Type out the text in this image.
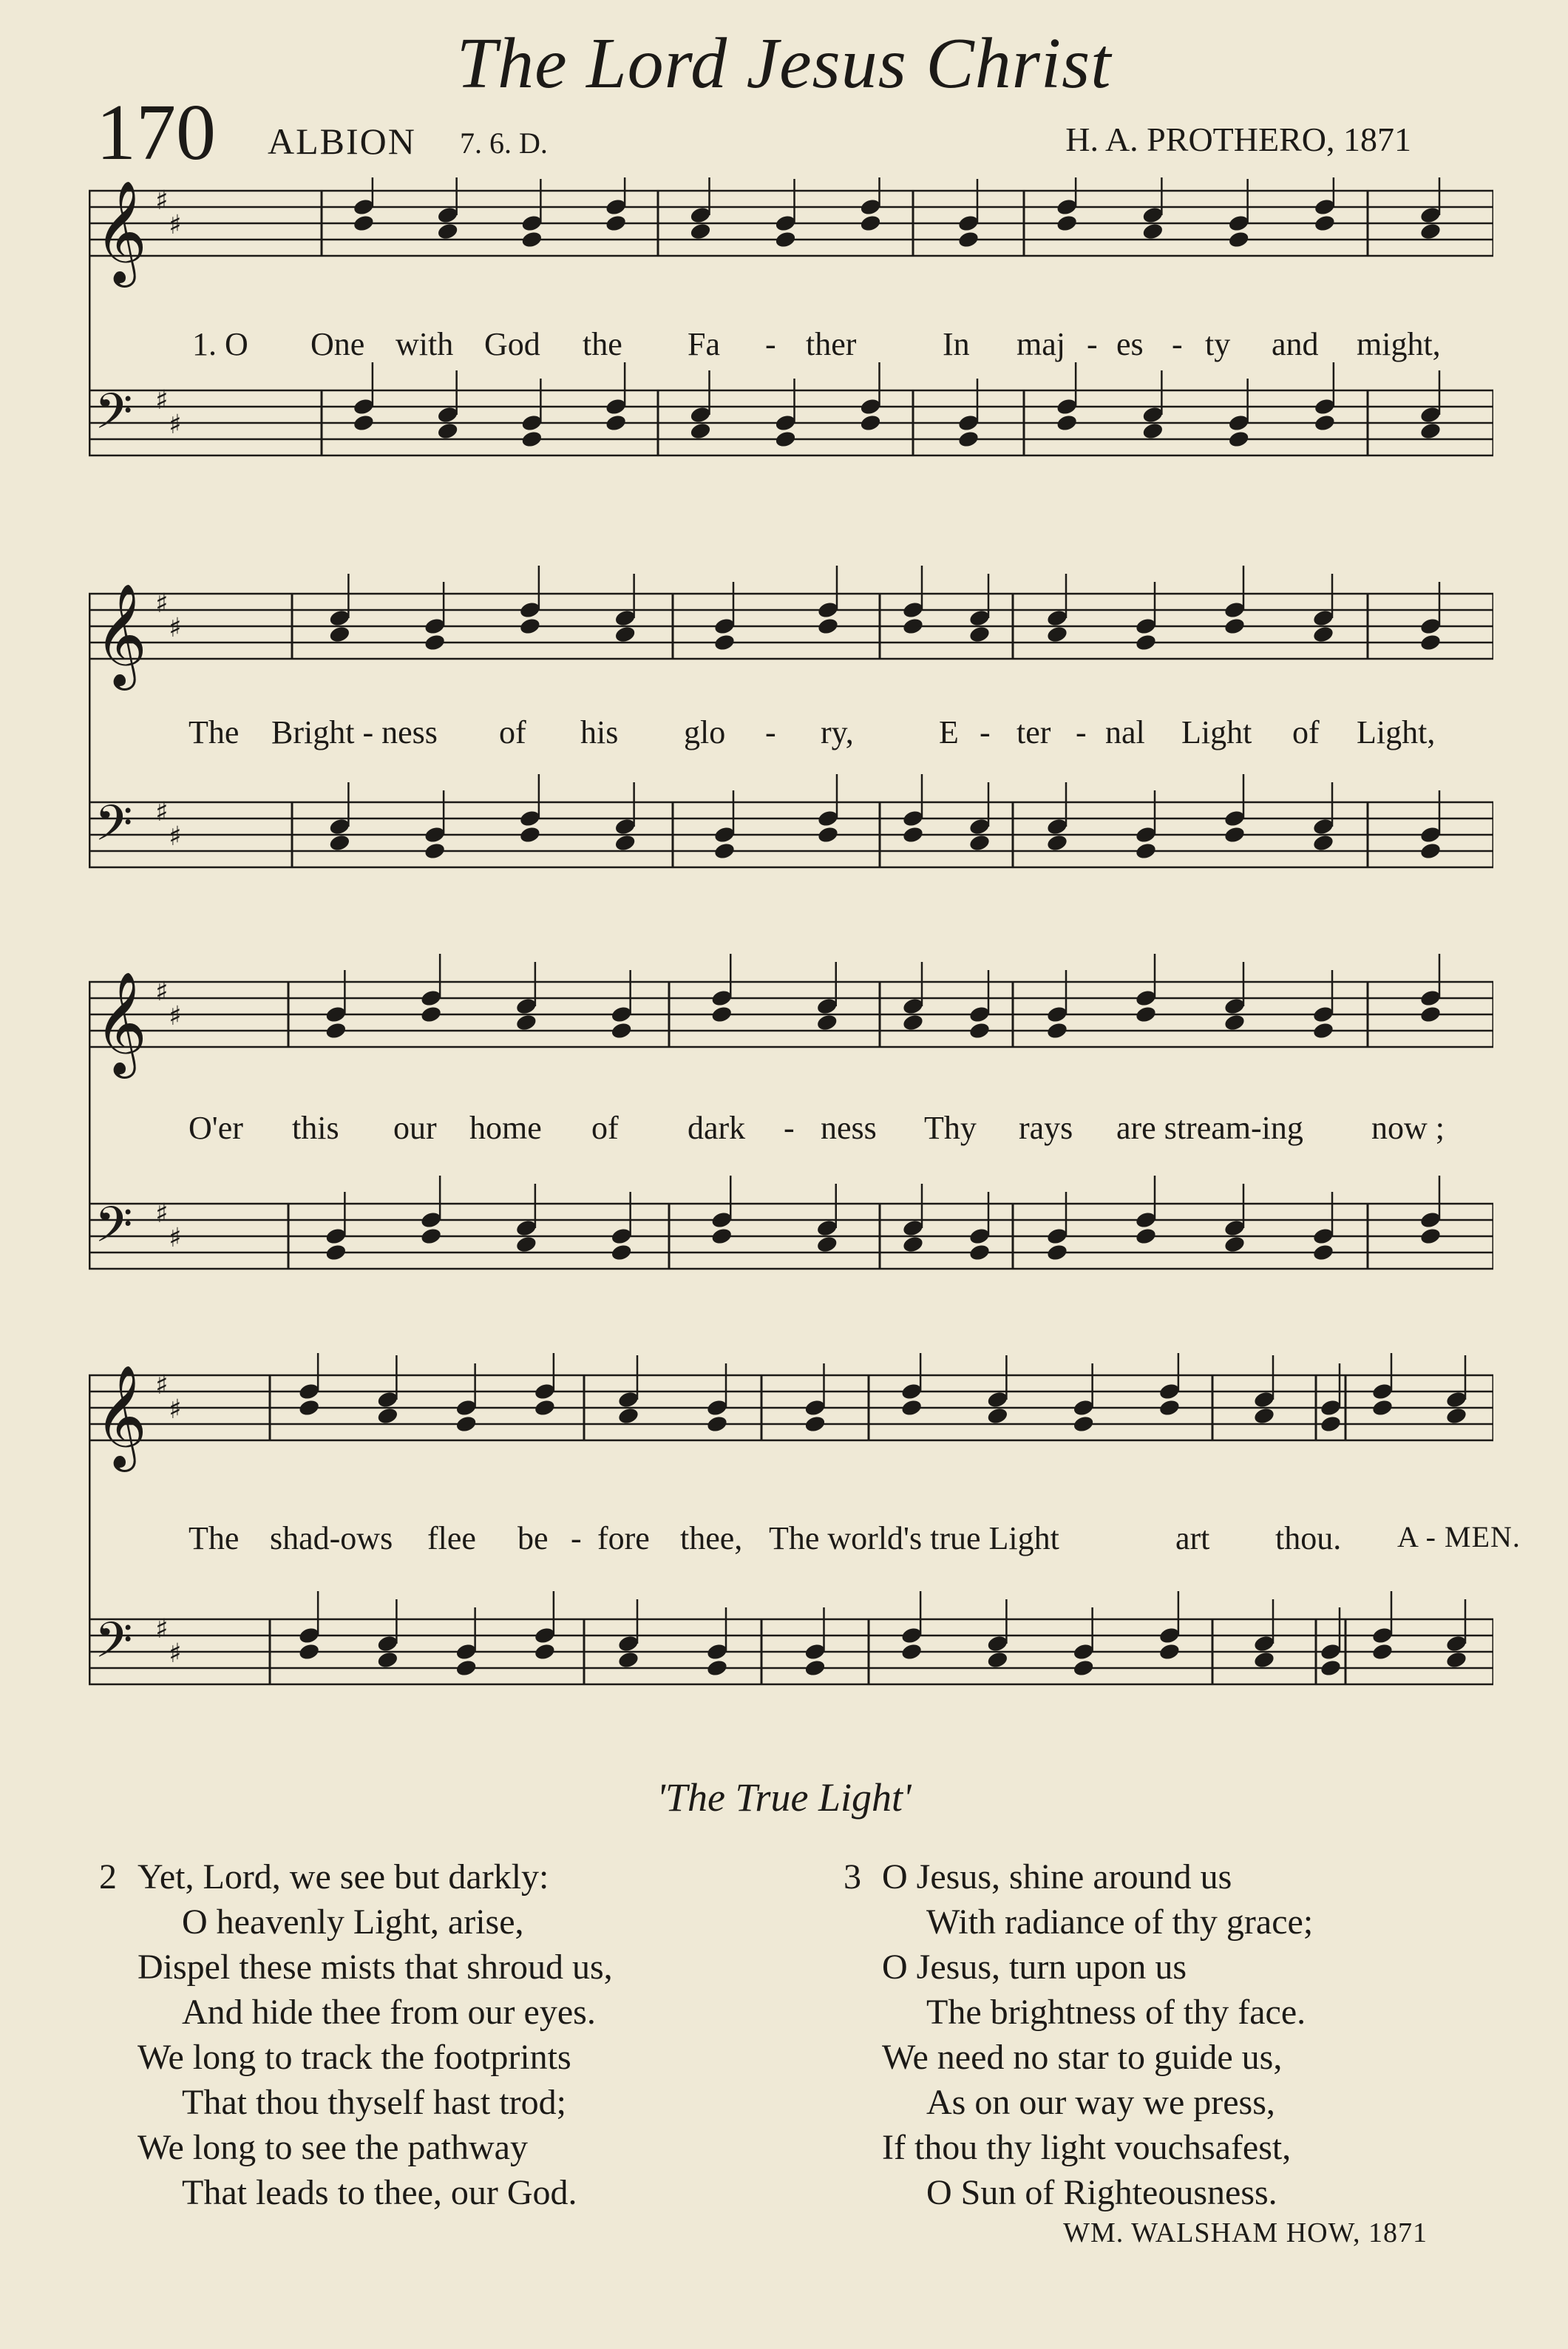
The Lord Jesus Christ
170 ALBION 7. 6. D.	H. A. PROTHERO, 1871
𝄞 ♯
♯
𝄢 ♯
♯
1. O One with God the Fa - ther	In maj - es - ty and might,
𝄞 ♯
♯
𝄢 ♯
♯
The Bright - ness of his glo - ry,	E - ter - nal Light of Light,
𝄞 ♯
♯
𝄢 ♯
♯
O'er this our home of dark - ness Thy rays are stream-ing now ;
𝄞 ♯
♯
𝄢 ♯
♯
The shad-ows flee be - fore thee, The world's true Light	art thou. A - MEN.
'The True Light'
2 Yet, Lord, we see but darkly:
O heavenly Light, arise,
Dispel these mists that shroud us,
And hide thee from our eyes.
We long to track the footprints
That thou thyself hast trod;
We long to see the pathway
That leads to thee, our God.
3 O Jesus, shine around us
With radiance of thy grace;
O Jesus, turn upon us
The brightness of thy face.
We need no star to guide us,
As on our way we press,
If thou thy light vouchsafest,
O Sun of Righteousness.
WM. WALSHAM HOW, 1871
